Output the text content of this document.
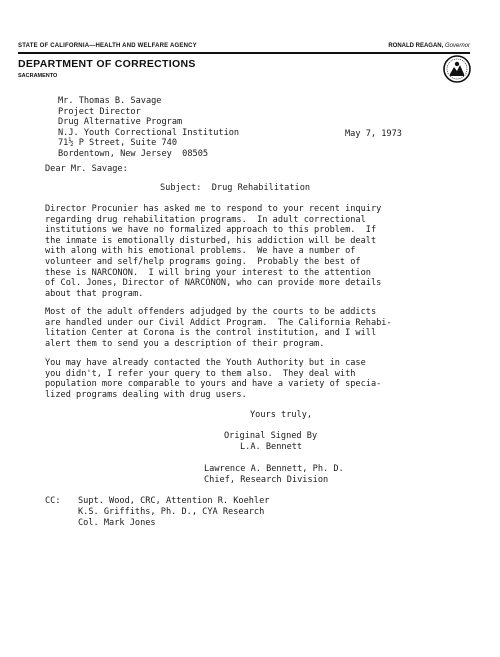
STATE OF CALIFORNIA—HEALTH AND WELFARE AGENCY	RONALD REAGAN, Governor
DEPARTMENT OF CORRECTIONS
SACRAMENTO
Mr. Thomas B. Savage
Project Director
Drug Alternative Program
N.J. Youth Correctional Institution
71½ P Street, Suite 740
Bordentown, New Jersey  08505
May 7, 1973
Dear Mr. Savage:
Subject:  Drug Rehabilitation
Director Procunier has asked me to respond to your recent inquiry
regarding drug rehabilitation programs.  In adult correctional
institutions we have no formalized approach to this problem.  If
the inmate is emotionally disturbed, his addiction will be dealt
with along with his emotional problems.  We have a number of
volunteer and self/help programs going.  Probably the best of
these is NARCONON.  I will bring your interest to the attention
of Col. Jones, Director of NARCONON, who can provide more details
about that program.
Most of the adult offenders adjudged by the courts to be addicts
are handled under our Civil Addict Program.  The California Rehabi-
litation Center at Corona is the control institution, and I will
alert them to send you a description of their program.
You may have already contacted the Youth Authority but in case
you didn't, I refer your query to them also.  They deal with
population more comparable to yours and have a variety of specia-
lized programs dealing with drug users.
Yours truly,
Original Signed By
L.A. Bennett
Lawrence A. Bennett, Ph. D.
Chief, Research Division
CC: Supt. Wood, CRC, Attention R. Koehler
K.S. Griffiths, Ph. D., CYA Research
Col. Mark Jones
